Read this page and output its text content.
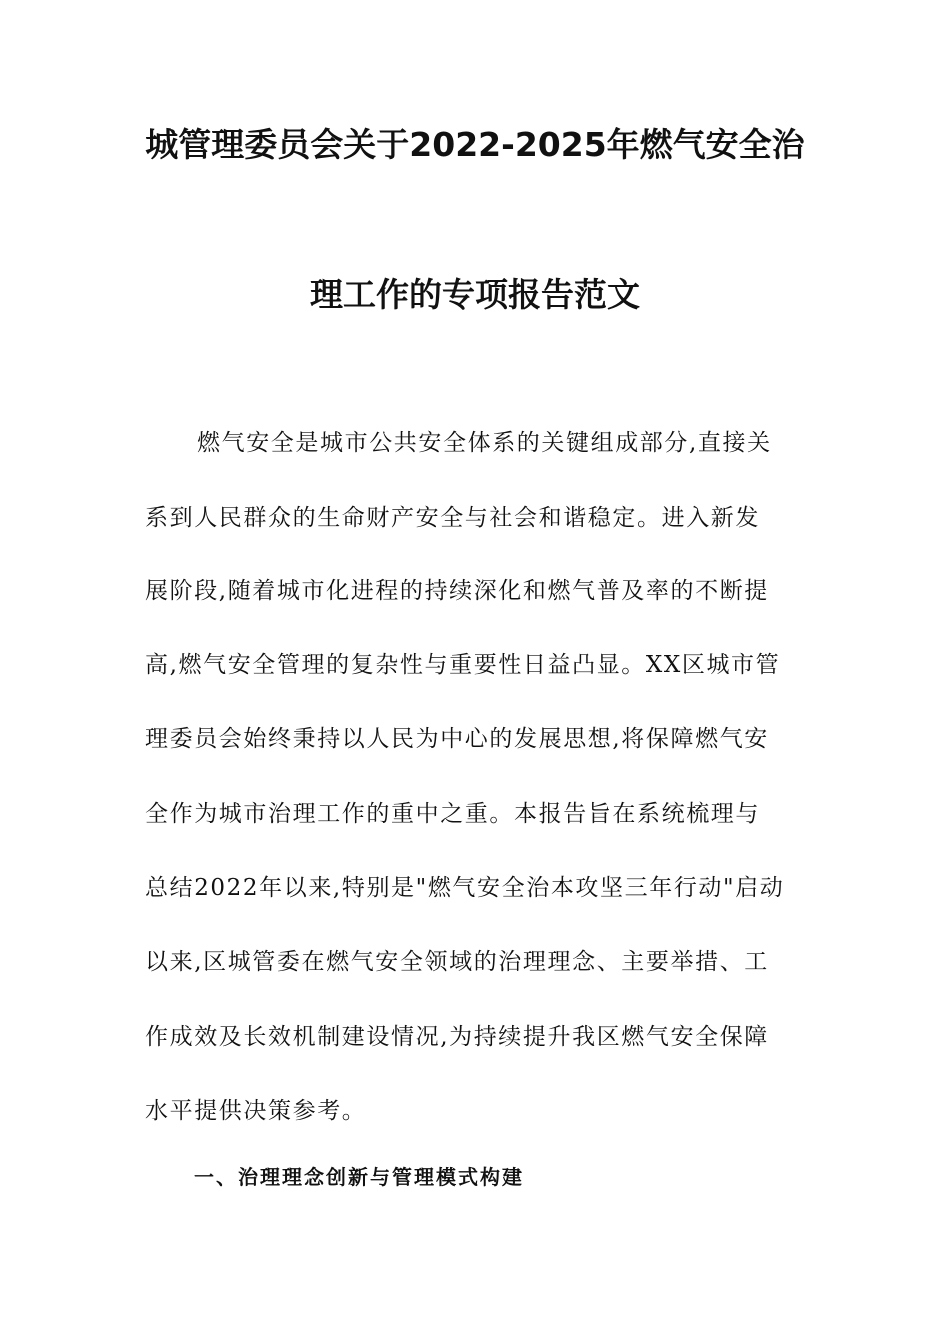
城管理委员会关于2022-2025年燃气安全治
理工作的专项报告范文
燃气安全是城市公共安全体系的关键组成部分,直接关
系到人民群众的生命财产安全与社会和谐稳定。进入新发
展阶段,随着城市化进程的持续深化和燃气普及率的不断提
高,燃气安全管理的复杂性与重要性日益凸显。XX区城市管
理委员会始终秉持以人民为中心的发展思想,将保障燃气安
全作为城市治理工作的重中之重。本报告旨在系统梳理与
总结2022年以来,特别是"燃气安全治本攻坚三年行动"启动
以来,区城管委在燃气安全领域的治理理念、主要举措、工
作成效及长效机制建设情况,为持续提升我区燃气安全保障
水平提供决策参考。
一、治理理念创新与管理模式构建
